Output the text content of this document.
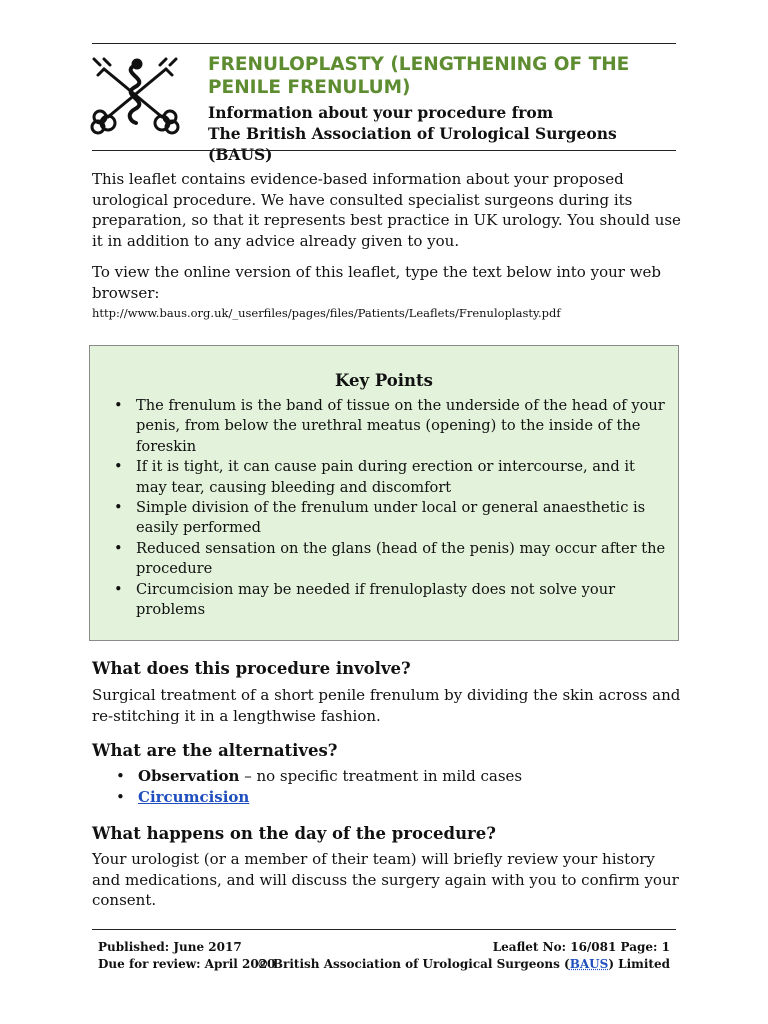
FRENULOPLASTY (LENGTHENING OF THE PENILE FRENULUM)
Information about your procedure from
The British Association of Urological Surgeons (BAUS)

This leaflet contains evidence-based information about your proposed urological procedure. We have consulted specialist surgeons during its preparation, so that it represents best practice in UK urology. You should use it in addition to any advice already given to you.

To view the online version of this leaflet, type the text below into your web browser:

http://www.baus.org.uk/_userfiles/pages/files/Patients/Leaflets/Frenuloplasty.pdf
Key Points
• The frenulum is the band of tissue on the underside of the head of your penis, from below the urethral meatus (opening) to the inside of the foreskin
• If it is tight, it can cause pain during erection or intercourse, and it may tear, causing bleeding and discomfort
• Simple division of the frenulum under local or general anaesthetic is easily performed
• Reduced sensation on the glans (head of the penis) may occur after the procedure
• Circumcision may be needed if frenuloplasty does not solve your problems
What does this procedure involve?

Surgical treatment of a short penile frenulum by dividing the skin across and re-stitching it in a lengthwise fashion.

What are the alternatives?
• Observation – no specific treatment in mild cases
• Circumcision
What happens on the day of the procedure?

Your urologist (or a member of their team) will briefly review your history and medications, and will discuss the surgery again with you to confirm your consent.

Published: June 2017
Due for review: April 2020
Leaflet No: 16/081 Page: 1
© British Association of Urological Surgeons (BAUS) Limited
